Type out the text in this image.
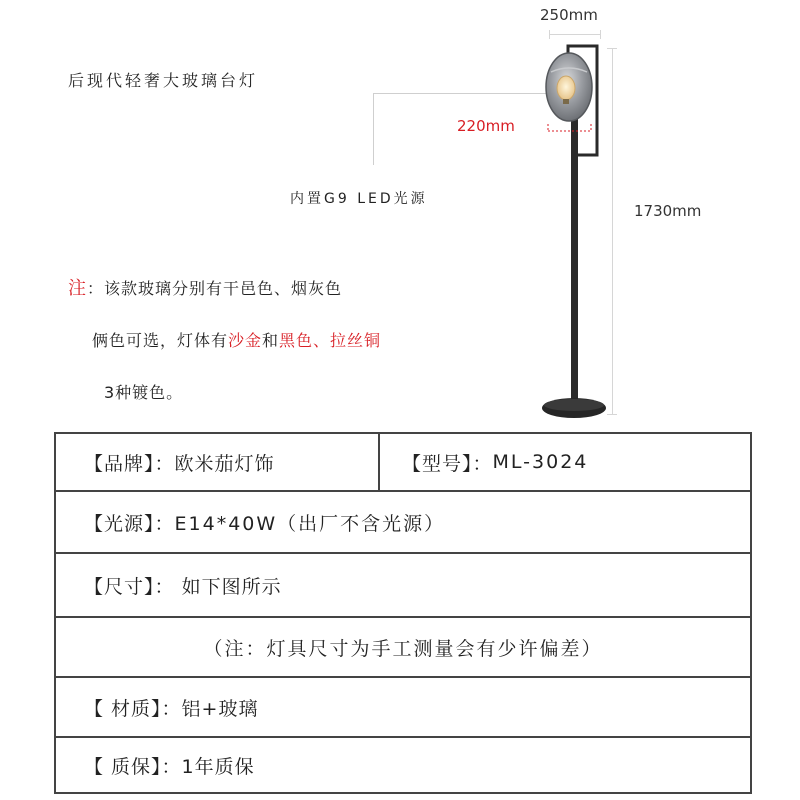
后现代轻奢大玻璃台灯
内置G9 LED光源
250mm
220mm
1730mm
注：该款玻璃分别有干邑色、烟灰色
俩色可选，灯体有沙金和黑色、拉丝铜
3种镀色。
【品牌】： 欧米茄灯饰	【型号】： ML-3024
【光源】： E14*40W（出厂不含光源）
【尺寸】：
如下图所示
（注：灯具尺寸为手工测量会有少许偏差）
【 材质】： 铝+玻璃
【 质保】： 1年质保
